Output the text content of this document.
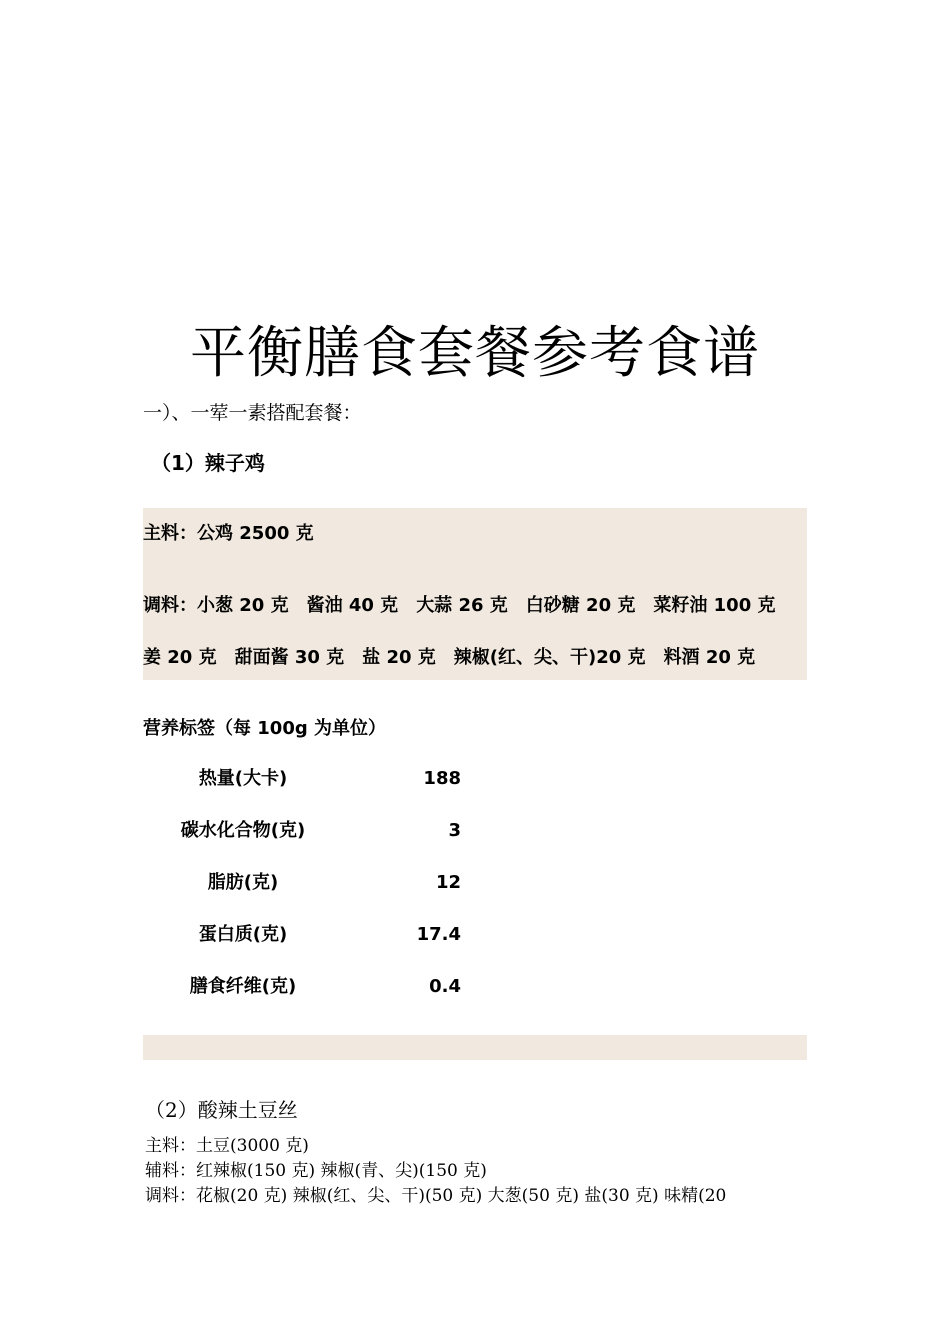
平衡膳食套餐参考食谱
一）、一荤一素搭配套餐：
（1）辣子鸡
主料：公鸡 2500 克
调料：小葱 20 克 酱油 40 克 大蒜 26 克 白砂糖 20 克 菜籽油 100 克
姜 20 克 甜面酱 30 克 盐 20 克 辣椒(红、尖、干)20 克 料酒 20 克
营养标签（每 100g 为单位）
热量(大卡)	188
碳水化合物(克)	3
脂肪(克)	12
蛋白质(克)	17.4
膳食纤维(克)	0.4
（2）酸辣土豆丝
主料：土豆(3000 克)
辅料：红辣椒(150 克) 辣椒(青、尖)(150 克)
调料：花椒(20 克) 辣椒(红、尖、干)(50 克) 大葱(50 克) 盐(30 克) 味精(20
